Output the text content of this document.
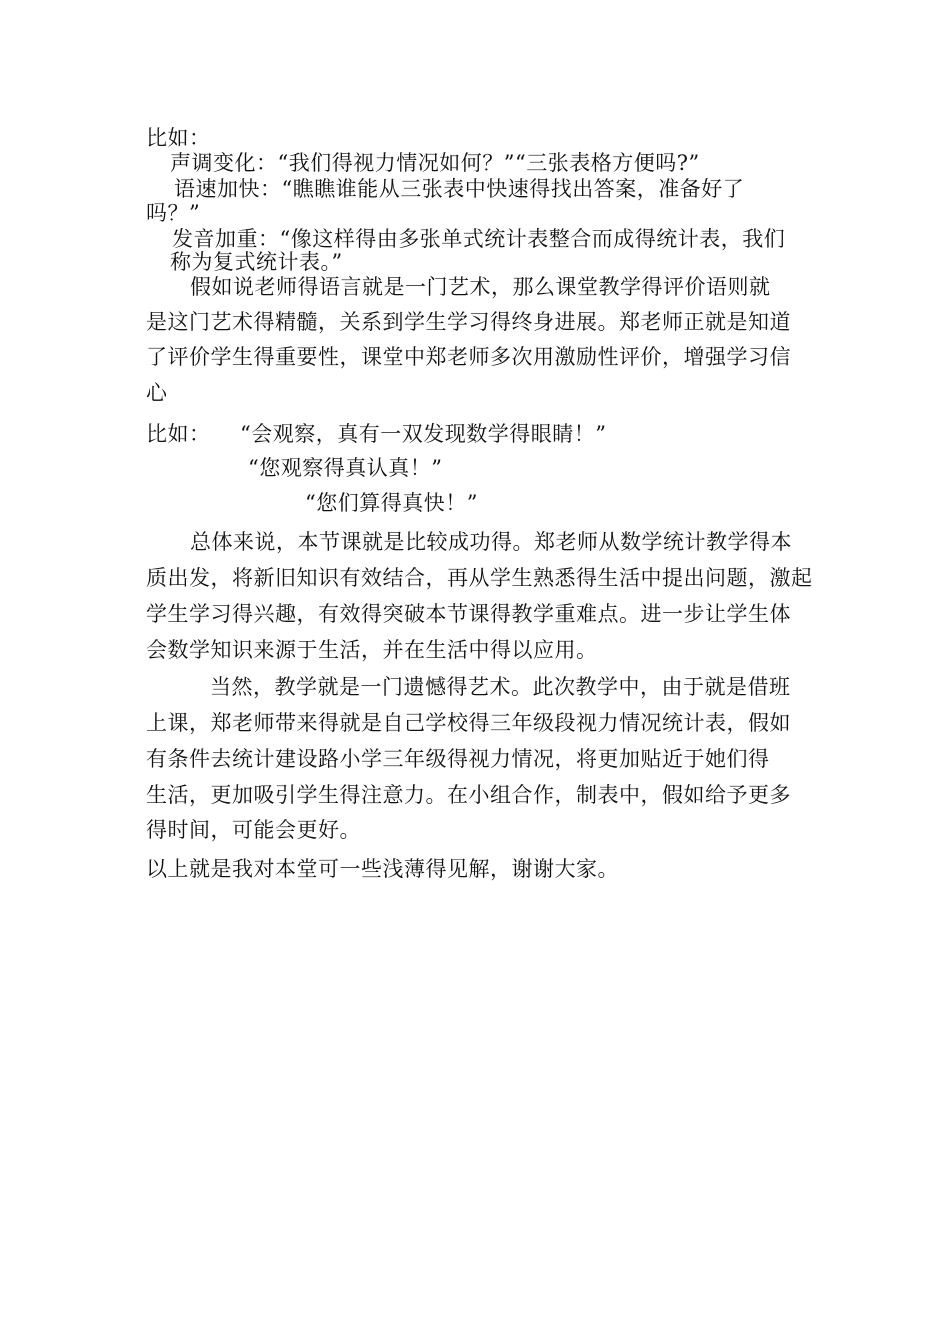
比如：
声调变化：“我们得视力情况如何？”“三张表格方便吗?”
语速加快：“瞧瞧谁能从三张表中快速得找出答案，准备好了
吗？”
发音加重：“像这样得由多张单式统计表整合而成得统计表，我们
称为复式统计表。”
假如说老师得语言就是一门艺术，那么课堂教学得评价语则就
是这门艺术得精髓，关系到学生学习得终身进展。郑老师正就是知道
了评价学生得重要性，课堂中郑老师多次用激励性评价，增强学习信
心
比如： “会观察，真有一双发现数学得眼睛！”
“您观察得真认真！”
“您们算得真快！”
总体来说，本节课就是比较成功得。郑老师从数学统计教学得本
质出发，将新旧知识有效结合，再从学生熟悉得生活中提出问题，激起
学生学习得兴趣，有效得突破本节课得教学重难点。进一步让学生体
会数学知识来源于生活，并在生活中得以应用。
当然，教学就是一门遗憾得艺术。此次教学中，由于就是借班
上课，郑老师带来得就是自己学校得三年级段视力情况统计表，假如
有条件去统计建设路小学三年级得视力情况，将更加贴近于她们得
生活，更加吸引学生得注意力。在小组合作，制表中，假如给予更多
得时间，可能会更好。
以上就是我对本堂可一些浅薄得见解，谢谢大家。
